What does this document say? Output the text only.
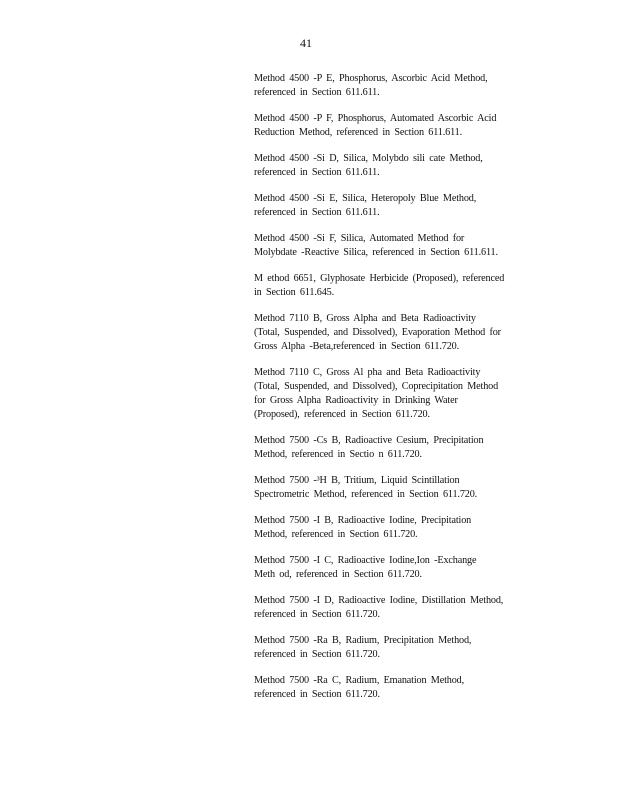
41
Method 4500 -P E, Phosphorus, Ascorbic Acid Method,
referenced in Section 611.611.
Method 4500 -P F, Phosphorus, Automated Ascorbic Acid
Reduction Method, referenced in Section 611.611.
Method 4500 -Si D, Silica, Molybdo sili cate Method,
referenced in Section 611.611.
Method 4500 -Si E, Silica, Heteropoly Blue Method,
referenced in Section 611.611.
Method 4500 -Si F, Silica, Automated Method for
Molybdate -Reactive Silica, referenced in Section 611.611.
M ethod 6651, Glyphosate Herbicide (Proposed), referenced
in Section 611.645.
Method 7110 B, Gross Alpha and Beta Radioactivity
(Total, Suspended, and Dissolved), Evaporation Method for
Gross Alpha -Beta,referenced in Section 611.720.
Method 7110 C, Gross Al pha and Beta Radioactivity
(Total, Suspended, and Dissolved), Coprecipitation Method
for Gross Alpha Radioactivity in Drinking Water
(Proposed), referenced in Section 611.720.
Method 7500 -Cs B, Radioactive Cesium, Precipitation
Method, referenced in Sectio n 611.720.
Method 7500 -³H B, Tritium, Liquid Scintillation
Spectrometric Method, referenced in Section 611.720.
Method 7500 -I B, Radioactive Iodine, Precipitation
Method, referenced in Section 611.720.
Method 7500 -I C, Radioactive Iodine,Ion -Exchange
Meth od, referenced in Section 611.720.
Method 7500 -I D, Radioactive Iodine, Distillation Method,
referenced in Section 611.720.
Method 7500 -Ra B, Radium, Precipitation Method,
referenced in Section 611.720.
Method 7500 -Ra C, Radium, Emanation Method,
referenced in Section 611.720.
